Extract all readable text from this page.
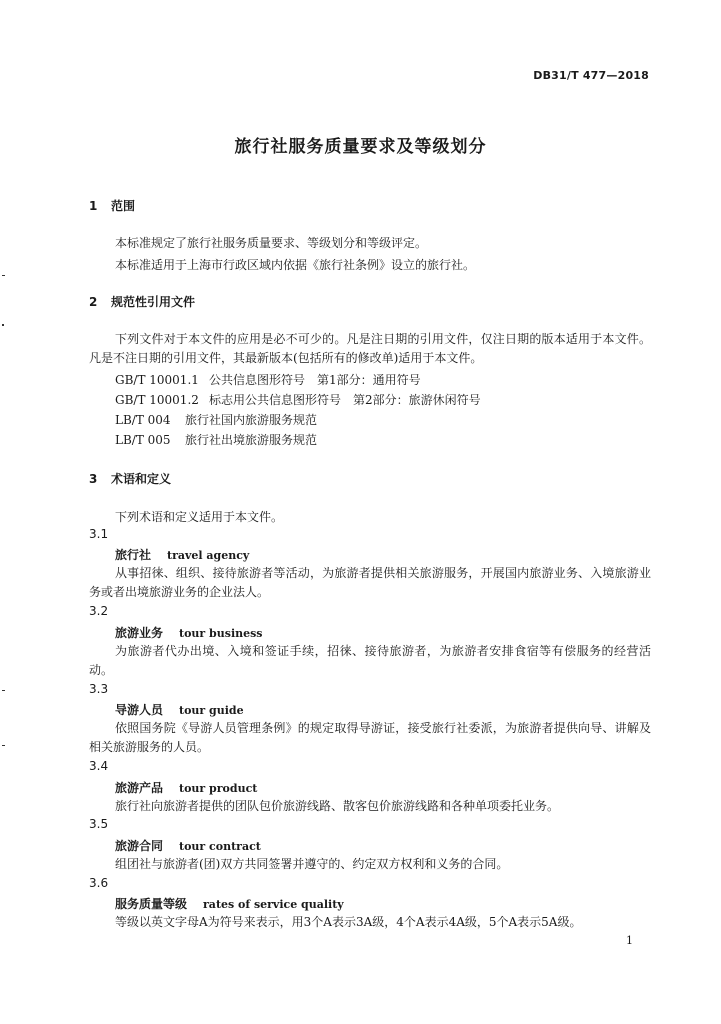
DB31/T 477—2018
旅行社服务质量要求及等级划分
1 范围
本标准规定了旅行社服务质量要求、等级划分和等级评定。
本标准适用于上海市行政区域内依据《旅行社条例》设立的旅行社。
2 规范性引用文件
下列文件对于本文件的应用是必不可少的。凡是注日期的引用文件，仅注日期的版本适用于本文件。凡是不注日期的引用文件，其最新版本(包括所有的修改单)适用于本文件。
GB/T 10001.1 公共信息图形符号　第1部分：通用符号
GB/T 10001.2 标志用公共信息图形符号　第2部分：旅游休闲符号
LB/T 004 旅行社国内旅游服务规范
LB/T 005 旅行社出境旅游服务规范
3 术语和定义
下列术语和定义适用于本文件。
3.1
旅行社 travel agency
从事招徕、组织、接待旅游者等活动，为旅游者提供相关旅游服务，开展国内旅游业务、入境旅游业务或者出境旅游业务的企业法人。
3.2
旅游业务 tour business
为旅游者代办出境、入境和签证手续，招徕、接待旅游者，为旅游者安排食宿等有偿服务的经营活动。
3.3
导游人员 tour guide
依照国务院《导游人员管理条例》的规定取得导游证，接受旅行社委派，为旅游者提供向导、讲解及相关旅游服务的人员。
3.4
旅游产品 tour product
旅行社向旅游者提供的团队包价旅游线路、散客包价旅游线路和各种单项委托业务。
3.5
旅游合同 tour contract
组团社与旅游者(团)双方共同签署并遵守的、约定双方权利和义务的合同。
3.6
服务质量等级 rates of service quality
等级以英文字母A为符号来表示，用3个A表示3A级，4个A表示4A级，5个A表示5A级。
1
